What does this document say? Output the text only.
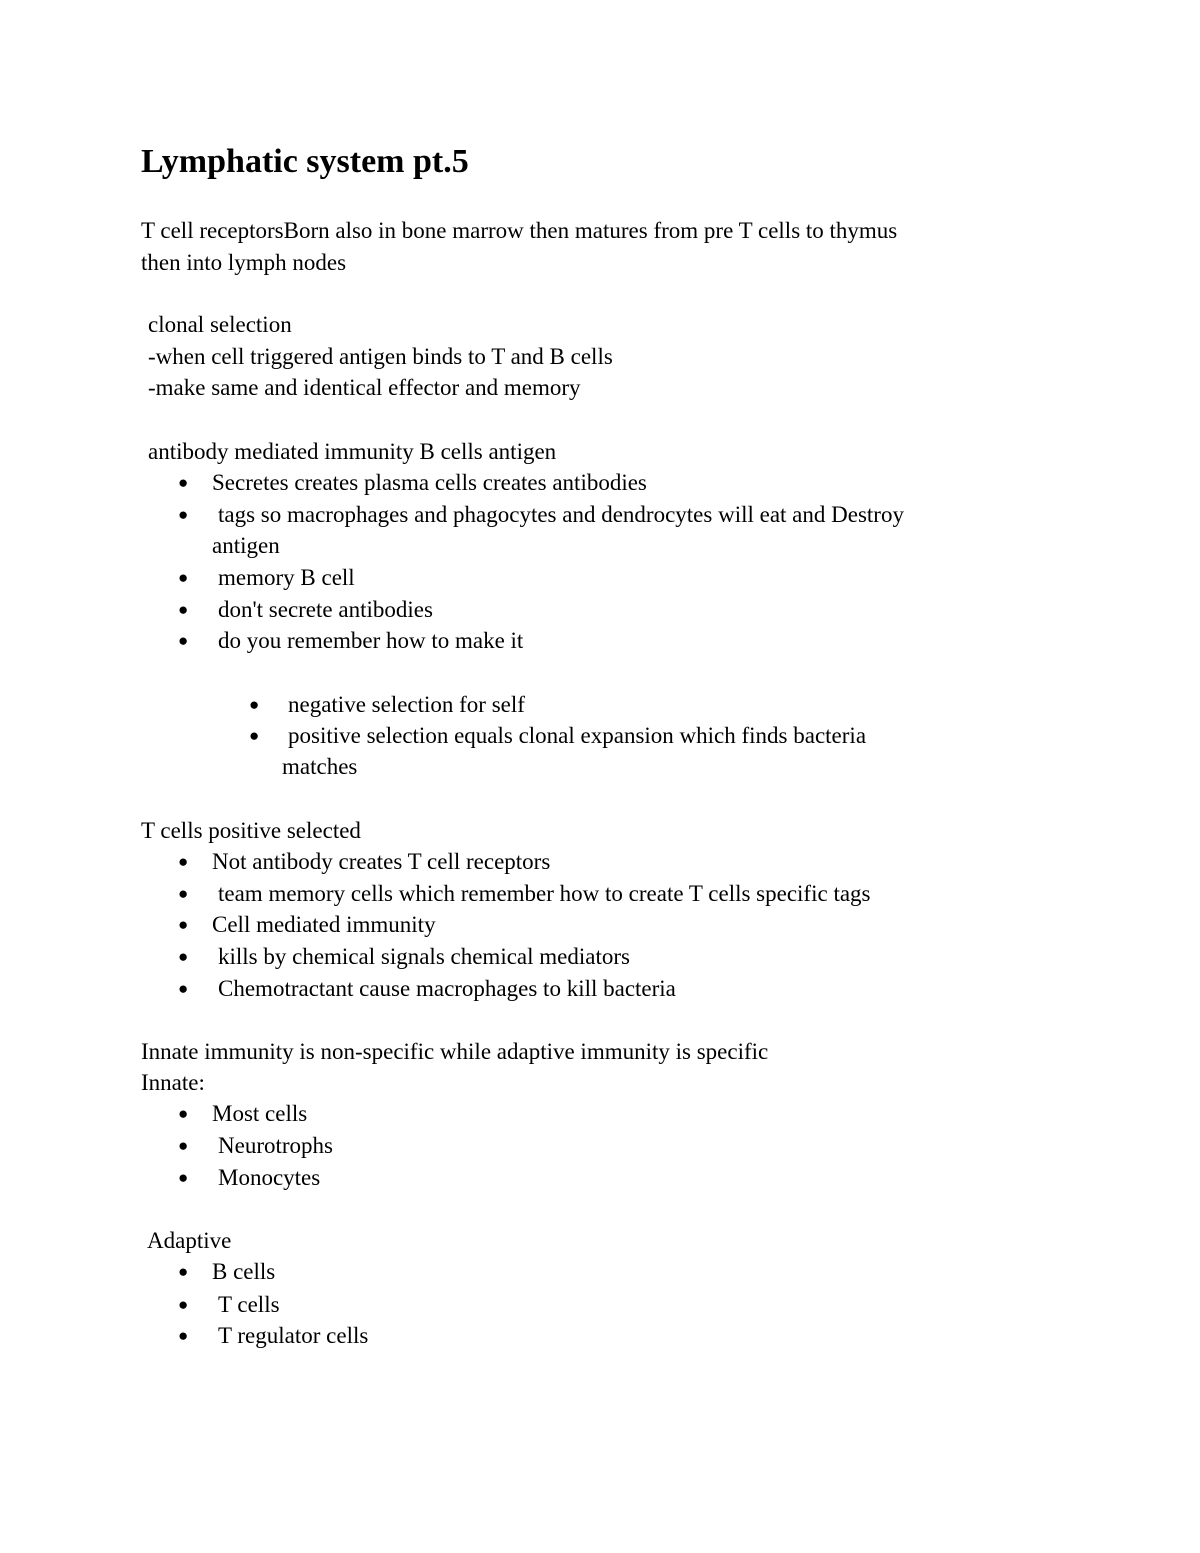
Lymphatic system pt.5

T cell receptorsBorn also in bone marrow then matures from pre T cells to thymus

then into lymph nodes

clonal selection

-when cell triggered antigen binds to T and B cells

-make same and identical effector and memory

antibody mediated immunity B cells antigen

● Secretes creates plasma cells creates antibodies

● tags so macrophages and phagocytes and dendrocytes will eat and Destroy

antigen

● memory B cell

● don't secrete antibodies

● do you remember how to make it

● negative selection for self

● positive selection equals clonal expansion which finds bacteria

matches

T cells positive selected

● Not antibody creates T cell receptors

● team memory cells which remember how to create T cells specific tags

● Cell mediated immunity

● kills by chemical signals chemical mediators

● Chemotractant cause macrophages to kill bacteria

Innate immunity is non-specific while adaptive immunity is specific

Innate:

● Most cells

● Neurotrophs

● Monocytes

Adaptive

● B cells

● T cells

● T regulator cells
